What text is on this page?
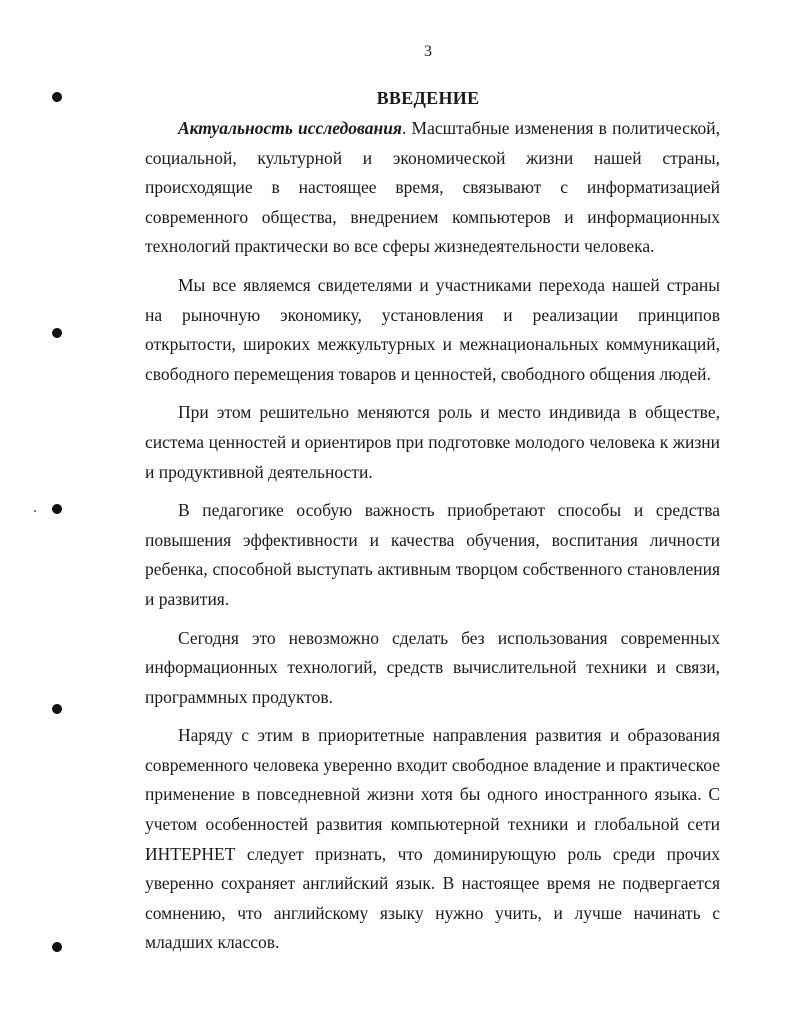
3
ВВЕДЕНИЕ

Актуальность исследования. Масштабные изменения в политической, социальной, культурной и экономической жизни нашей страны, происходящие в настоящее время, связывают с информатизацией современного общества, внедрением компьютеров и информационных технологий практически во все сферы жизнедеятельности человека.

Мы все являемся свидетелями и участниками перехода нашей страны на рыночную экономику, установления и реализации принципов открытости, широких межкультурных и межнациональных коммуникаций, свободного перемещения товаров и ценностей, свободного общения людей.

При этом решительно меняются роль и место индивида в обществе, система ценностей и ориентиров при подготовке молодого человека к жизни и продуктивной деятельности.

В педагогике особую важность приобретают способы и средства повышения эффективности и качества обучения, воспитания личности ребенка, способной выступать активным творцом собственного становления и развития.

Сегодня это невозможно сделать без использования современных информационных технологий, средств вычислительной техники и связи, программных продуктов.

Наряду с этим в приоритетные направления развития и образования современного человека уверенно входит свободное владение и практическое применение в повседневной жизни хотя бы одного иностранного языка. С учетом особенностей развития компьютерной техники и глобальной сети ИНТЕРНЕТ следует признать, что доминирующую роль среди прочих уверенно сохраняет английский язык. В настоящее время не подвергается сомнению, что английскому языку нужно учить, и лучше начинать с младших классов.
